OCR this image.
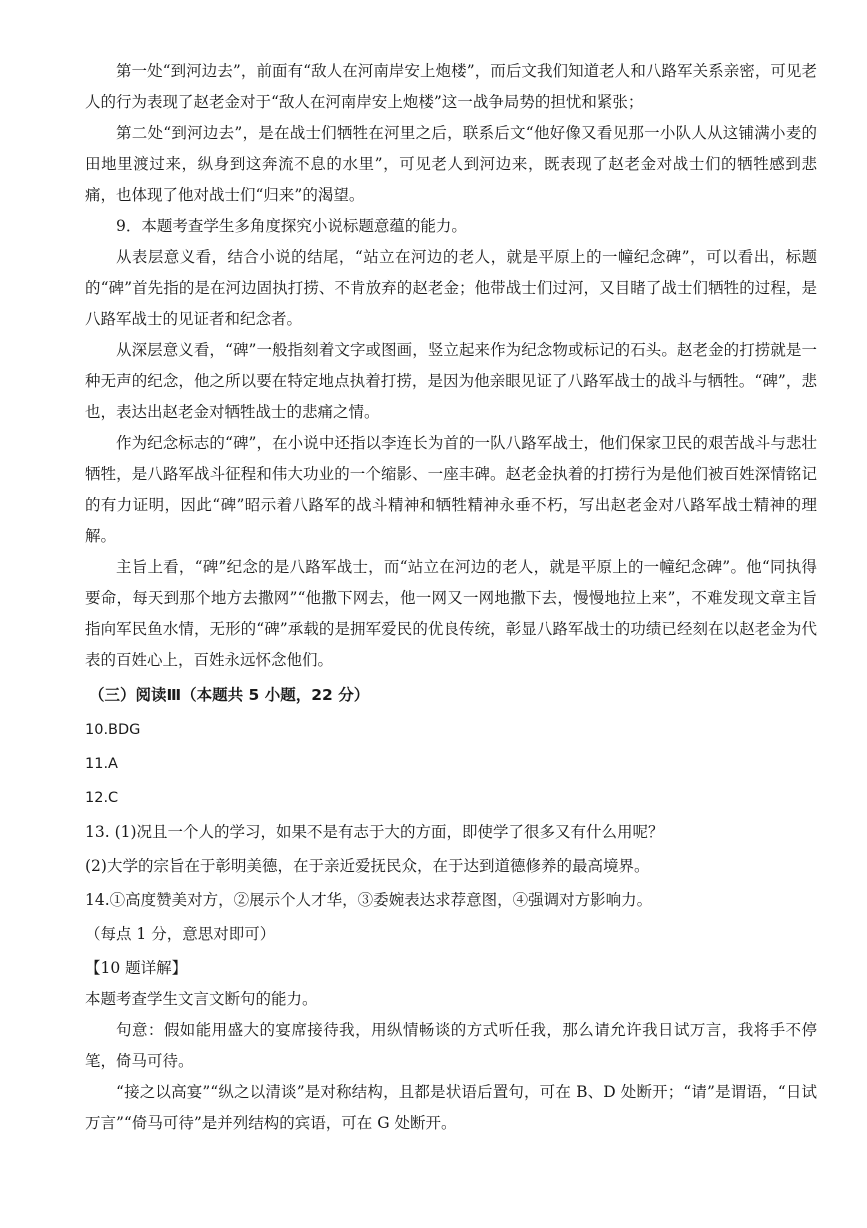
第一处“到河边去”，前面有“敌人在河南岸安上炮楼”，而后文我们知道老人和八路军关系亲密，可见老人的行为表现了赵老金对于“敌人在河南岸安上炮楼”这一战争局势的担忧和紧张；

第二处“到河边去”，是在战士们牺牲在河里之后，联系后文“他好像又看见那一小队人从这铺满小麦的田地里渡过来，纵身到这奔流不息的水里”，可见老人到河边来，既表现了赵老金对战士们的牺牲感到悲痛，也体现了他对战士们“归来”的渴望。

9．本题考查学生多角度探究小说标题意蕴的能力。

从表层意义看，结合小说的结尾，“站立在河边的老人，就是平原上的一幢纪念碑”，可以看出，标题的“碑”首先指的是在河边固执打捞、不肯放弃的赵老金；他带战士们过河，又目睹了战士们牺牲的过程，是八路军战士的见证者和纪念者。

从深层意义看，“碑”一般指刻着文字或图画，竖立起来作为纪念物或标记的石头。赵老金的打捞就是一种无声的纪念，他之所以要在特定地点执着打捞，是因为他亲眼见证了八路军战士的战斗与牺牲。“碑”，悲也，表达出赵老金对牺牲战士的悲痛之情。

作为纪念标志的“碑”，在小说中还指以李连长为首的一队八路军战士，他们保家卫民的艰苦战斗与悲壮牺牲，是八路军战斗征程和伟大功业的一个缩影、一座丰碑。赵老金执着的打捞行为是他们被百姓深情铭记的有力证明，因此“碑”昭示着八路军的战斗精神和牺牲精神永垂不朽，写出赵老金对八路军战士精神的理解。

主旨上看，“碑”纪念的是八路军战士，而“站立在河边的老人，就是平原上的一幢纪念碑”。他“同执得要命，每天到那个地方去撒网”“他撒下网去，他一网又一网地撒下去，慢慢地拉上来”，不难发现文章主旨指向军民鱼水情，无形的“碑”承载的是拥军爱民的优良传统，彰显八路军战士的功绩已经刻在以赵老金为代表的百姓心上，百姓永远怀念他们。

（三）阅读Ⅲ（本题共 5 小题，22 分）

10.BDG

11.A

12.C

13. (1)况且一个人的学习，如果不是有志于大的方面，即使学了很多又有什么用呢？

(2)大学的宗旨在于彰明美德，在于亲近爱抚民众，在于达到道德修养的最高境界。

14.①高度赞美对方，②展示个人才华，③委婉表达求荐意图，④强调对方影响力。

（每点 1 分，意思对即可）

【10 题详解】

本题考查学生文言文断句的能力。

句意：假如能用盛大的宴席接待我，用纵情畅谈的方式听任我，那么请允许我日试万言，我将手不停笔，倚马可待。

“接之以高宴”“纵之以清谈”是对称结构，且都是状语后置句，可在 B、D 处断开；“请”是谓语，“日试万言”“倚马可待”是并列结构的宾语，可在 G 处断开。
